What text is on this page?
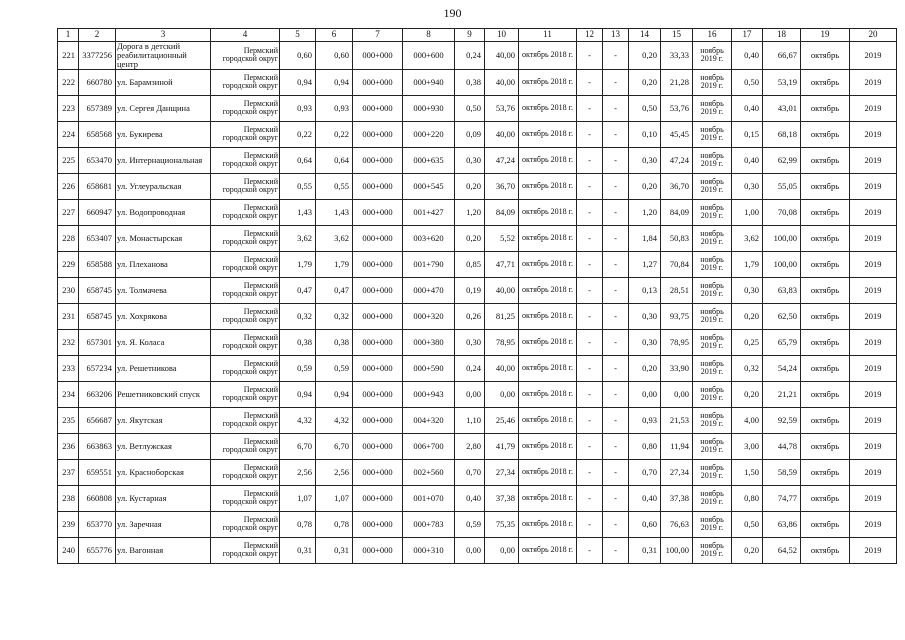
190
1	2	3	4	5	6	7	8	9	10	11	12	13	14	15	16	17	18	19	20
221	3377256	Дорога в детский реабилитационный центр	Пермский городской округ	0,60	0,60	000+000	000+600	0,24	40,00	октябрь 2018 г.	-	-	0,20	33,33	ноябрь 2019 г.	0,40	66,67	октябрь	2019
222	660780	ул. Барамзиной	Пермский городской округ	0,94	0,94	000+000	000+940	0,38	40,00	октябрь 2018 г.	-	-	0,20	21,28	ноябрь 2019 г.	0,50	53,19	октябрь	2019
223	657389	ул. Сергея Данщина	Пермский городской округ	0,93	0,93	000+000	000+930	0,50	53,76	октябрь 2018 г.	-	-	0,50	53,76	ноябрь 2019 г.	0,40	43,01	октябрь	2019
224	658568	ул. Букирева	Пермский городской округ	0,22	0,22	000+000	000+220	0,09	40,00	октябрь 2018 г.	-	-	0,10	45,45	ноябрь 2019 г.	0,15	68,18	октябрь	2019
225	653470	ул. Интернациональная	Пермский городской округ	0,64	0,64	000+000	000+635	0,30	47,24	октябрь 2018 г.	-	-	0,30	47,24	ноябрь 2019 г.	0,40	62,99	октябрь	2019
226	658681	ул. Углеуральская	Пермский городской округ	0,55	0,55	000+000	000+545	0,20	36,70	октябрь 2018 г.	-	-	0,20	36,70	ноябрь 2019 г.	0,30	55,05	октябрь	2019
227	660947	ул. Водопроводная	Пермский городской округ	1,43	1,43	000+000	001+427	1,20	84,09	октябрь 2018 г.	-	-	1,20	84,09	ноябрь 2019 г.	1,00	70,08	октябрь	2019
228	653407	ул. Монастырская	Пермский городской округ	3,62	3,62	000+000	003+620	0,20	5,52	октябрь 2018 г.	-	-	1,84	50,83	ноябрь 2019 г.	3,62	100,00	октябрь	2019
229	658588	ул. Плеханова	Пермский городской округ	1,79	1,79	000+000	001+790	0,85	47,71	октябрь 2018 г.	-	-	1,27	70,84	ноябрь 2019 г.	1,79	100,00	октябрь	2019
230	658745	ул. Толмачева	Пермский городской округ	0,47	0,47	000+000	000+470	0,19	40,00	октябрь 2018 г.	-	-	0,13	28,51	ноябрь 2019 г.	0,30	63,83	октябрь	2019
231	658745	ул. Хохрякова	Пермский городской округ	0,32	0,32	000+000	000+320	0,26	81,25	октябрь 2018 г.	-	-	0,30	93,75	ноябрь 2019 г.	0,20	62,50	октябрь	2019
232	657301	ул. Я. Коласа	Пермский городской округ	0,38	0,38	000+000	000+380	0,30	78,95	октябрь 2018 г.	-	-	0,30	78,95	ноябрь 2019 г.	0,25	65,79	октябрь	2019
233	657234	ул. Решетникова	Пермский городской округ	0,59	0,59	000+000	000+590	0,24	40,00	октябрь 2018 г.	-	-	0,20	33,90	ноябрь 2019 г.	0,32	54,24	октябрь	2019
234	663206	Решетниковский спуск	Пермский городской округ	0,94	0,94	000+000	000+943	0,00	0,00	октябрь 2018 г.	-	-	0,00	0,00	ноябрь 2019 г.	0,20	21,21	октябрь	2019
235	656687	ул. Якутская	Пермский городской округ	4,32	4,32	000+000	004+320	1,10	25,46	октябрь 2018 г.	-	-	0,93	21,53	ноябрь 2019 г.	4,00	92,59	октябрь	2019
236	663863	ул. Ветлужская	Пермский городской округ	6,70	6,70	000+000	006+700	2,80	41,79	октябрь 2018 г.	-	-	0,80	11,94	ноябрь 2019 г.	3,00	44,78	октябрь	2019
237	659551	ул. Красноборская	Пермский городской округ	2,56	2,56	000+000	002+560	0,70	27,34	октябрь 2018 г.	-	-	0,70	27,34	ноябрь 2019 г.	1,50	58,59	октябрь	2019
238	660808	ул. Кустарная	Пермский городской округ	1,07	1,07	000+000	001+070	0,40	37,38	октябрь 2018 г.	-	-	0,40	37,38	ноябрь 2019 г.	0,80	74,77	октябрь	2019
239	653770	ул. Заречная	Пермский городской округ	0,78	0,78	000+000	000+783	0,59	75,35	октябрь 2018 г.	-	-	0,60	76,63	ноябрь 2019 г.	0,50	63,86	октябрь	2019
240	655776	ул. Вагонная	Пермский городской округ	0,31	0,31	000+000	000+310	0,00	0,00	октябрь 2018 г.	-	-	0,31	100,00	ноябрь 2019 г.	0,20	64,52	октябрь	2019
